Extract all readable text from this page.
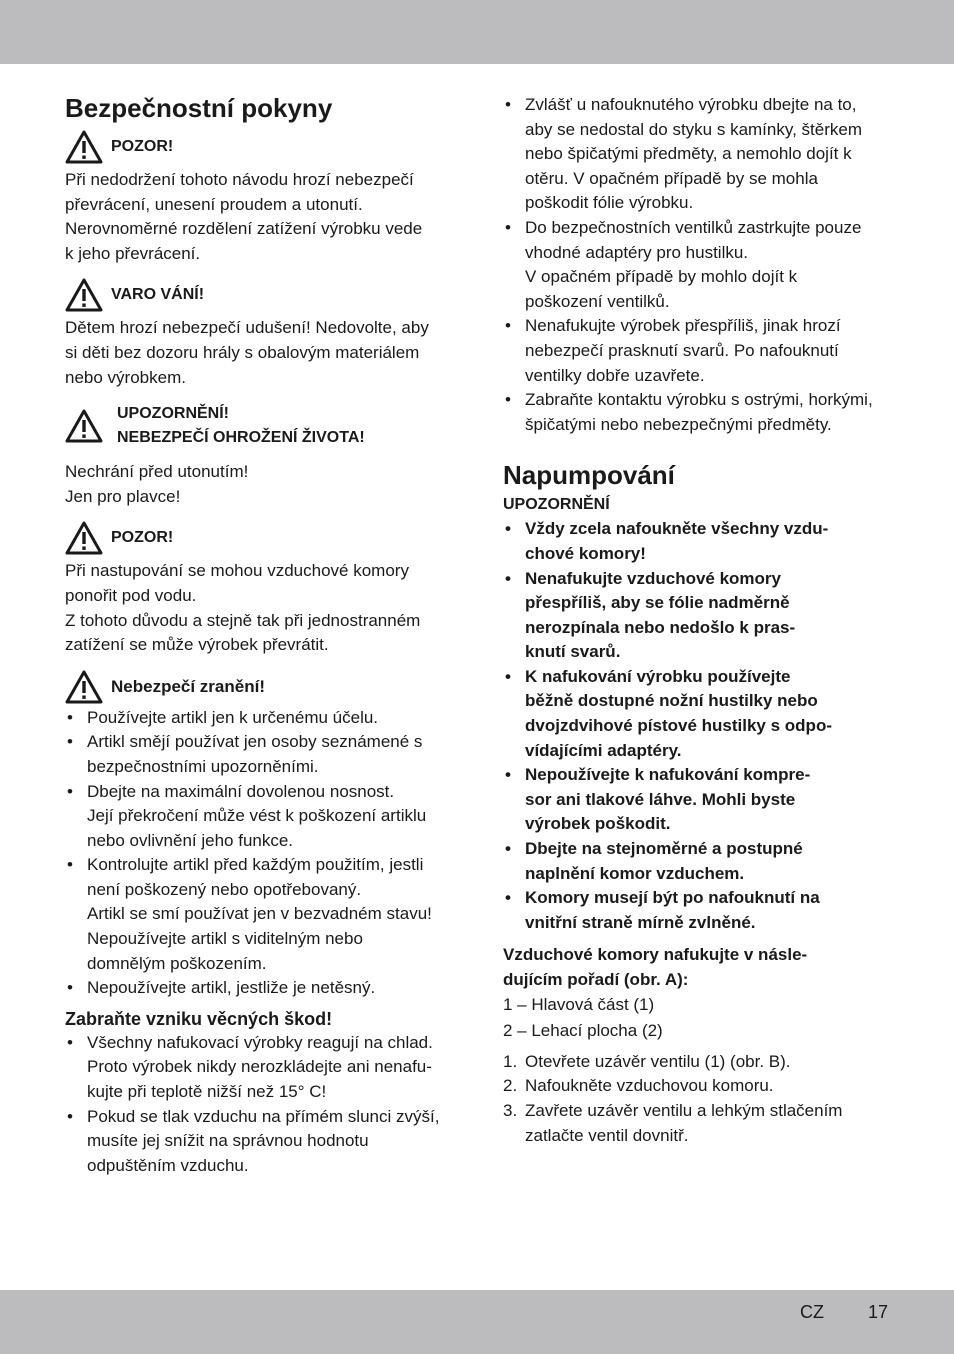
Bezpečnostní pokyny

POZOR!

Při nedodržení tohoto návodu hrozí nebezpečí

převrácení, unesení proudem a utonutí.

Nerovnoměrné rozdělení zatížení výrobku vede

k jeho převrácení.

VARO VÁNÍ!

Dětem hrozí nebezpečí udušení! Nedovolte, aby

si děti bez dozoru hrály s obalovým materiálem

nebo výrobkem.

UPOZORNĚNÍ!
NEBEZPEČÍ OHROŽENÍ ŽIVOTA!

Nechrání před utonutím!

Jen pro plavce!

POZOR!

Při nastupování se mohou vzduchové komory

ponořit pod vodu.

Z tohoto důvodu a stejně tak při jednostranném

zatížení se může výrobek převrátit.

Nebezpečí zranění!
• Používejte artikl jen k určenému účelu.
• Artikl smějí používat jen osoby seznámené s
bezpečnostními upozorněními.
• Dbejte na maximální dovolenou nosnost.
Její překročení může vést k poškození artiklu
nebo ovlivnění jeho funkce.
• Kontrolujte artikl před každým použitím, jestli
není poškozený nebo opotřebovaný.
Artikl se smí používat jen v bezvadném stavu!
Nepoužívejte artikl s viditelným nebo
domnělým poškozením.
• Nepoužívejte artikl, jestliže je netěsný.

Zabraňte vzniku věcných škod!

• Všechny nafukovací výrobky reagují na chlad.
Proto výrobek nikdy nerozkládejte ani nenafu-
kujte při teplotě nižší než 15° C!
• Pokud se tlak vzduchu na přímém slunci zvýší,
musíte jej snížit na správnou hodnotu
odpuštěním vzduchu.
• Zvlášť u nafouknutého výrobku dbejte na to,
aby se nedostal do styku s kamínky, štěrkem
nebo špičatými předměty, a nemohlo dojít k
otěru. V opačném případě by se mohla
poškodit fólie výrobku.
• Do bezpečnostních ventilků zastrkujte pouze
vhodné adaptéry pro hustilku.
V opačném případě by mohlo dojít k
poškození ventilků.
• Nenafukujte výrobek přespříliš, jinak hrozí
nebezpečí prasknutí svarů. Po nafouknutí
ventilky dobře uzavřete.
• Zabraňte kontaktu výrobku s ostrými, horkými,
špičatými nebo nebezpečnými předměty.

Napumpování

UPOZORNĚNÍ

• Vždy zcela nafoukněte všechny vzdu-
chové komory!
• Nenafukujte vzduchové komory
přespříliš, aby se fólie nadměrně
nerozpínala nebo nedošlo k pras-
knutí svarů.
• K nafukování výrobku používejte
běžně dostupné nožní hustilky nebo
dvojzdvihové pístové hustilky s odpo-
vídajícími adaptéry.
• Nepoužívejte k nafukování kompre-
sor ani tlakové láhve. Mohli byste
výrobek poškodit.
• Dbejte na stejnoměrné a postupné
naplnění komor vzduchem.
• Komory musejí být po nafouknutí na
vnitřní straně mírně zvlněné.
Vzduchové komory nafukujte v násle-
dujícím pořadí (obr. A):

1 – Hlavová část (1)

2 – Lehací plocha (2)

1. Otevřete uzávěr ventilu (1) (obr. B).
2. Nafoukněte vzduchovou komoru.
3. Zavřete uzávěr ventilu a lehkým stlačením
zatlačte ventil dovnitř.
CZ 17
